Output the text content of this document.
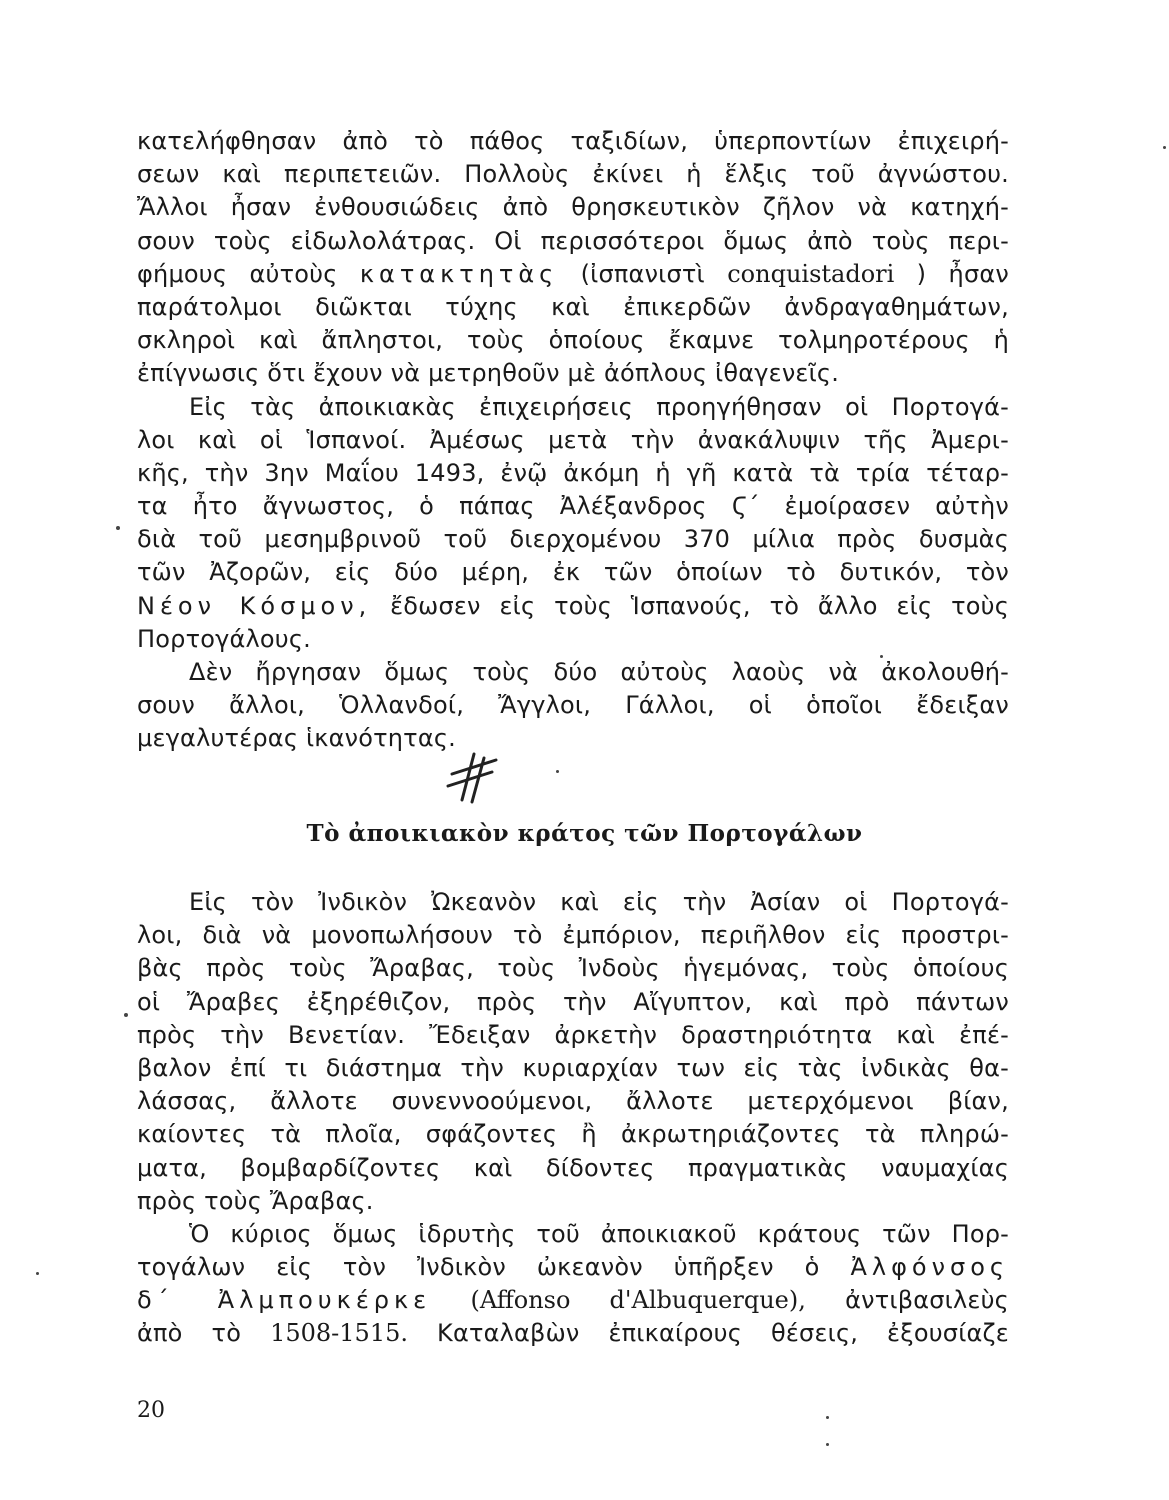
κατελήφθησαν ἀπὸ τὸ πάθος ταξιδίων, ὑπερποντίων ἐπιχειρή-
σεων καὶ περιπετειῶν. Πολλοὺς ἐκίνει ἡ ἕλξις τοῦ ἀγνώστου.
Ἄλλοι ἦσαν ἐνθουσιώδεις ἀπὸ θρησκευτικὸν ζῆλον νὰ κατηχή-
σουν τοὺς εἰδωλολάτρας. Οἱ περισσότεροι ὅμως ἀπὸ τοὺς περι-
φήμους αὐτοὺς κατακτητὰς (ἰσπανιστὶ conquistadori ) ἦσαν
παράτολμοι διῶκται τύχης καὶ ἐπικερδῶν ἀνδραγαθημάτων,
σκληροὶ καὶ ἄπληστοι, τοὺς ὁποίους ἔκαμνε τολμηροτέρους ἡ
ἐπίγνωσις ὅτι ἔχουν νὰ μετρηθοῦν μὲ ἀόπλους ἰθαγενεῖς.
Εἰς τὰς ἀποικιακὰς ἐπιχειρήσεις προηγήθησαν οἱ Πορτογά-
λοι καὶ οἱ Ἱσπανοί. Ἀμέσως μετὰ τὴν ἀνακάλυψιν τῆς Ἀμερι-
κῆς, τὴν 3ην Μαΐου 1493, ἐνῷ ἀκόμη ἡ γῆ κατὰ τὰ τρία τέταρ-
τα ἦτο ἄγνωστος, ὁ πάπας Ἀλέξανδρος Ϛ΄ ἐμοίρασεν αὐτὴν
διὰ τοῦ μεσημβρινοῦ τοῦ διερχομένου 370 μίλια πρὸς δυσμὰς
τῶν Ἀζορῶν, εἰς δύο μέρη, ἐκ τῶν ὁποίων τὸ δυτικόν, τὸν
Νέον Κόσμον, ἔδωσεν εἰς τοὺς Ἱσπανούς, τὸ ἄλλο εἰς τοὺς
Πορτογάλους.
Δὲν ἤργησαν ὅμως τοὺς δύο αὐτοὺς λαοὺς νὰ ἀκολουθή-
σουν ἄλλοι, Ὁλλανδοί, Ἄγγλοι, Γάλλοι, οἱ ὁποῖοι ἔδειξαν
μεγαλυτέρας ἱκανότητας.
Τὸ ἀποικιακὸν κράτος τῶν Πορτογάλων
Εἰς τὸν Ἰνδικὸν Ὠκεανὸν καὶ εἰς τὴν Ἀσίαν οἱ Πορτογά-
λοι, διὰ νὰ μονοπωλήσουν τὸ ἐμπόριον, περιῆλθον εἰς προστρι-
βὰς πρὸς τοὺς Ἄραβας, τοὺς Ἰνδοὺς ἡγεμόνας, τοὺς ὁποίους
οἱ Ἄραβες ἐξηρέθιζον, πρὸς τὴν Αἴγυπτον, καὶ πρὸ πάντων
πρὸς τὴν Βενετίαν. Ἔδειξαν ἀρκετὴν δραστηριότητα καὶ ἐπέ-
βαλον ἐπί τι διάστημα τὴν κυριαρχίαν των εἰς τὰς ἰνδικὰς θα-
λάσσας, ἄλλοτε συνεννοούμενοι, ἄλλοτε μετερχόμενοι βίαν,
καίοντες τὰ πλοῖα, σφάζοντες ἢ ἀκρωτηριάζοντες τὰ πληρώ-
ματα, βομβαρδίζοντες καὶ δίδοντες πραγματικὰς ναυμαχίας
πρὸς τοὺς Ἄραβας.
Ὁ κύριος ὅμως ἱδρυτὴς τοῦ ἀποικιακοῦ κράτους τῶν Πορ-
τογάλων εἰς τὸν Ἰνδικὸν ὠκεανὸν ὑπῆρξεν ὁ Ἀλφόνσος
δ΄ Ἀλμπουκέρκε (Affonso d'Albuquerque), ἀντιβασιλεὺς
ἀπὸ τὸ 1508-1515. Καταλαβὼν ἐπικαίρους θέσεις, ἐξουσίαζε
20
